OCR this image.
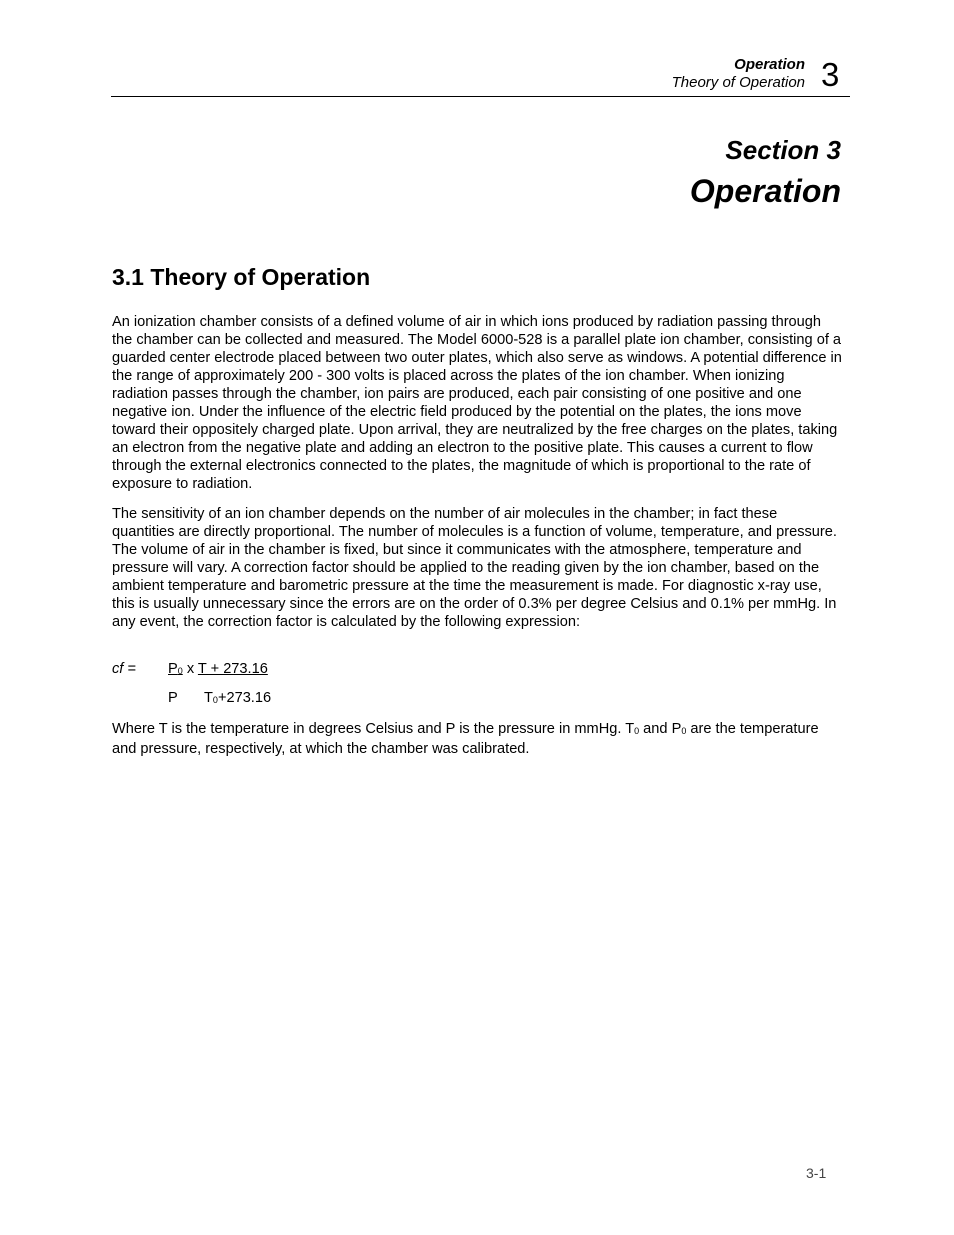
Operation
Theory of Operation 3
Section 3
Operation
3.1 Theory of Operation

An ionization chamber consists of a defined volume of air in which ions produced by radiation passing through the chamber can be collected and measured. The Model 6000-528 is a parallel plate ion chamber, consisting of a guarded center electrode placed between two outer plates, which also serve as windows. A potential difference in the range of approximately 200 - 300 volts is placed across the plates of the ion chamber. When ionizing radiation passes through the chamber, ion pairs are produced, each pair consisting of one positive and one negative ion. Under the influence of the electric field produced by the potential on the plates, the ions move toward their oppositely charged plate. Upon arrival, they are neutralized by the free charges on the plates, taking an electron from the negative plate and adding an electron to the positive plate. This causes a current to flow through the external electronics connected to the plates, the magnitude of which is proportional to the rate of exposure to radiation.

The sensitivity of an ion chamber depends on the number of air molecules in the chamber; in fact these quantities are directly proportional. The number of molecules is a function of volume, temperature, and pressure. The volume of air in the chamber is fixed, but since it communicates with the atmosphere, temperature and pressure will vary. A correction factor should be applied to the reading given by the ion chamber, based on the ambient temperature and barometric pressure at the time the measurement is made. For diagnostic x-ray use, this is usually unnecessary since the errors are on the order of 0.3% per degree Celsius and 0.1% per mmHg. In any event, the correction factor is calculated by the following expression:

cf = $P_0$ x T + 273.16
P $T_0+273.16$

Where T is the temperature in degrees Celsius and P is the pressure in mmHg. $T_0$ and $P_0$ are the temperature and pressure, respectively, at which the chamber was calibrated.

3-1
